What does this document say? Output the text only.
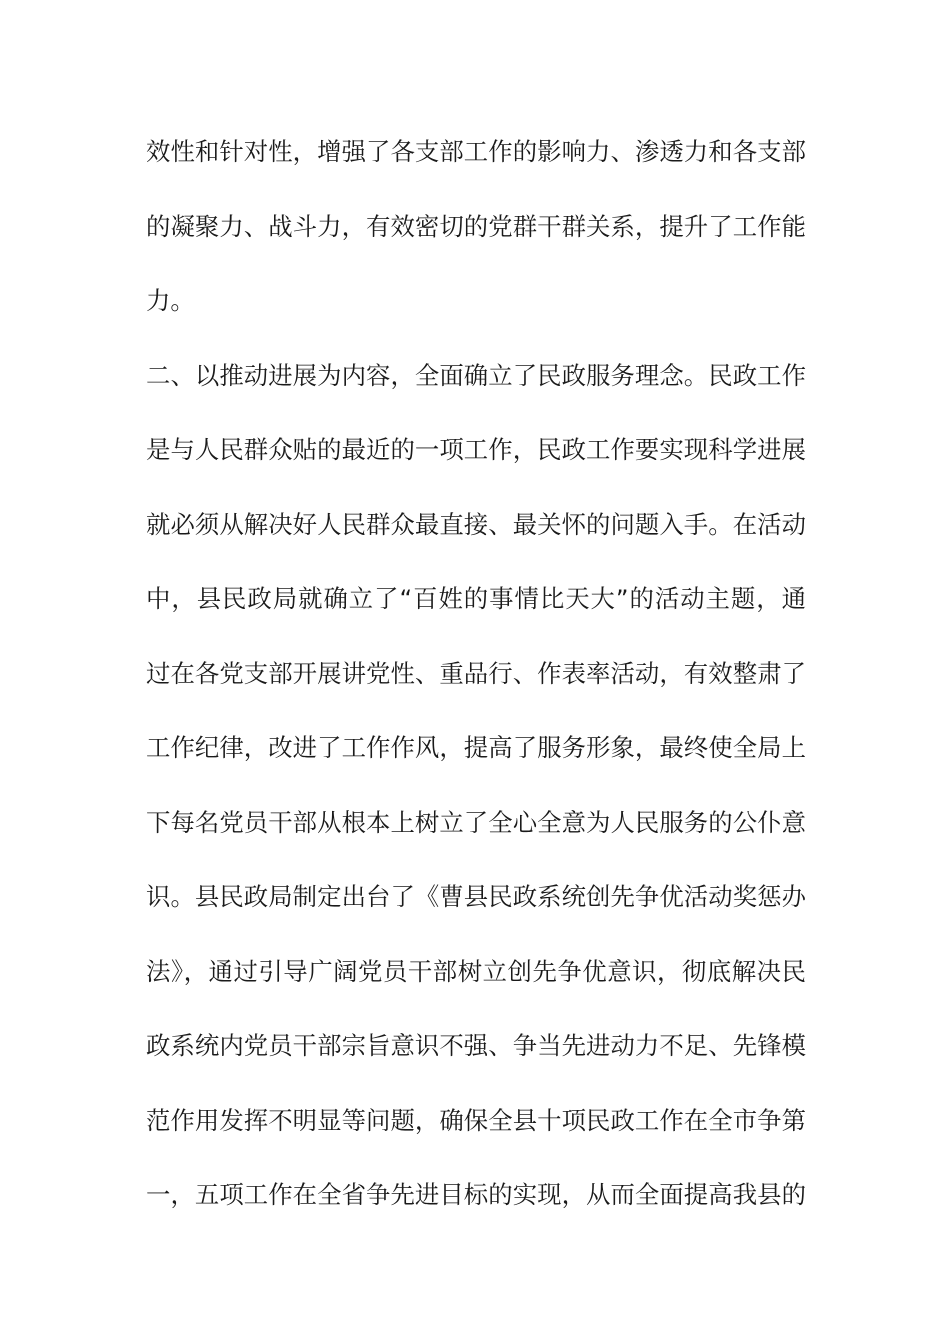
效性和针对性，增强了各支部工作的影响力、渗透力和各支部
的凝聚力、战斗力，有效密切的党群干群关系，提升了工作能
力。
二、以推动进展为内容，全面确立了民政服务理念。民政工作
是与人民群众贴的最近的一项工作，民政工作要实现科学进展
就必须从解决好人民群众最直接、最关怀的问题入手。在活动
中，县民政局就确立了“百姓的事情比天大”的活动主题，通
过在各党支部开展讲党性、重品行、作表率活动，有效整肃了
工作纪律，改进了工作作风，提高了服务形象，最终使全局上
下每名党员干部从根本上树立了全心全意为人民服务的公仆意
识。县民政局制定出台了《曹县民政系统创先争优活动奖惩办
法》，通过引导广阔党员干部树立创先争优意识，彻底解决民
政系统内党员干部宗旨意识不强、争当先进动力不足、先锋模
范作用发挥不明显等问题，确保全县十项民政工作在全市争第
一，五项工作在全省争先进目标的实现，从而全面提高我县的
